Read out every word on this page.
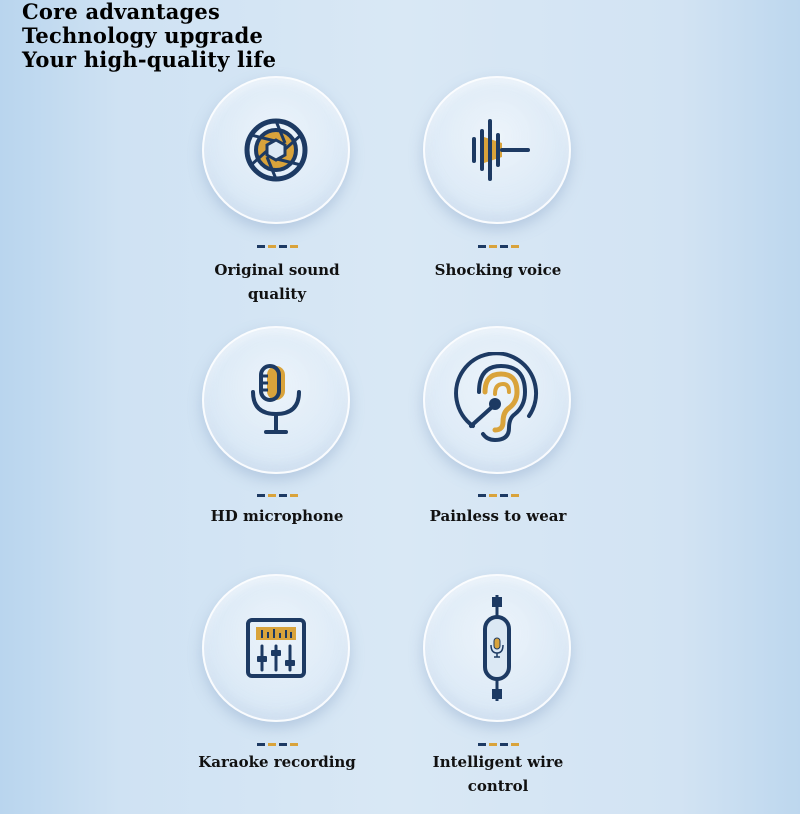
Core advantages
Technology upgrade
Your high-quality life
Original sound
quality
Shocking voice
HD microphone	Painless to wear
Karaoke recording	Intelligent wire
control
